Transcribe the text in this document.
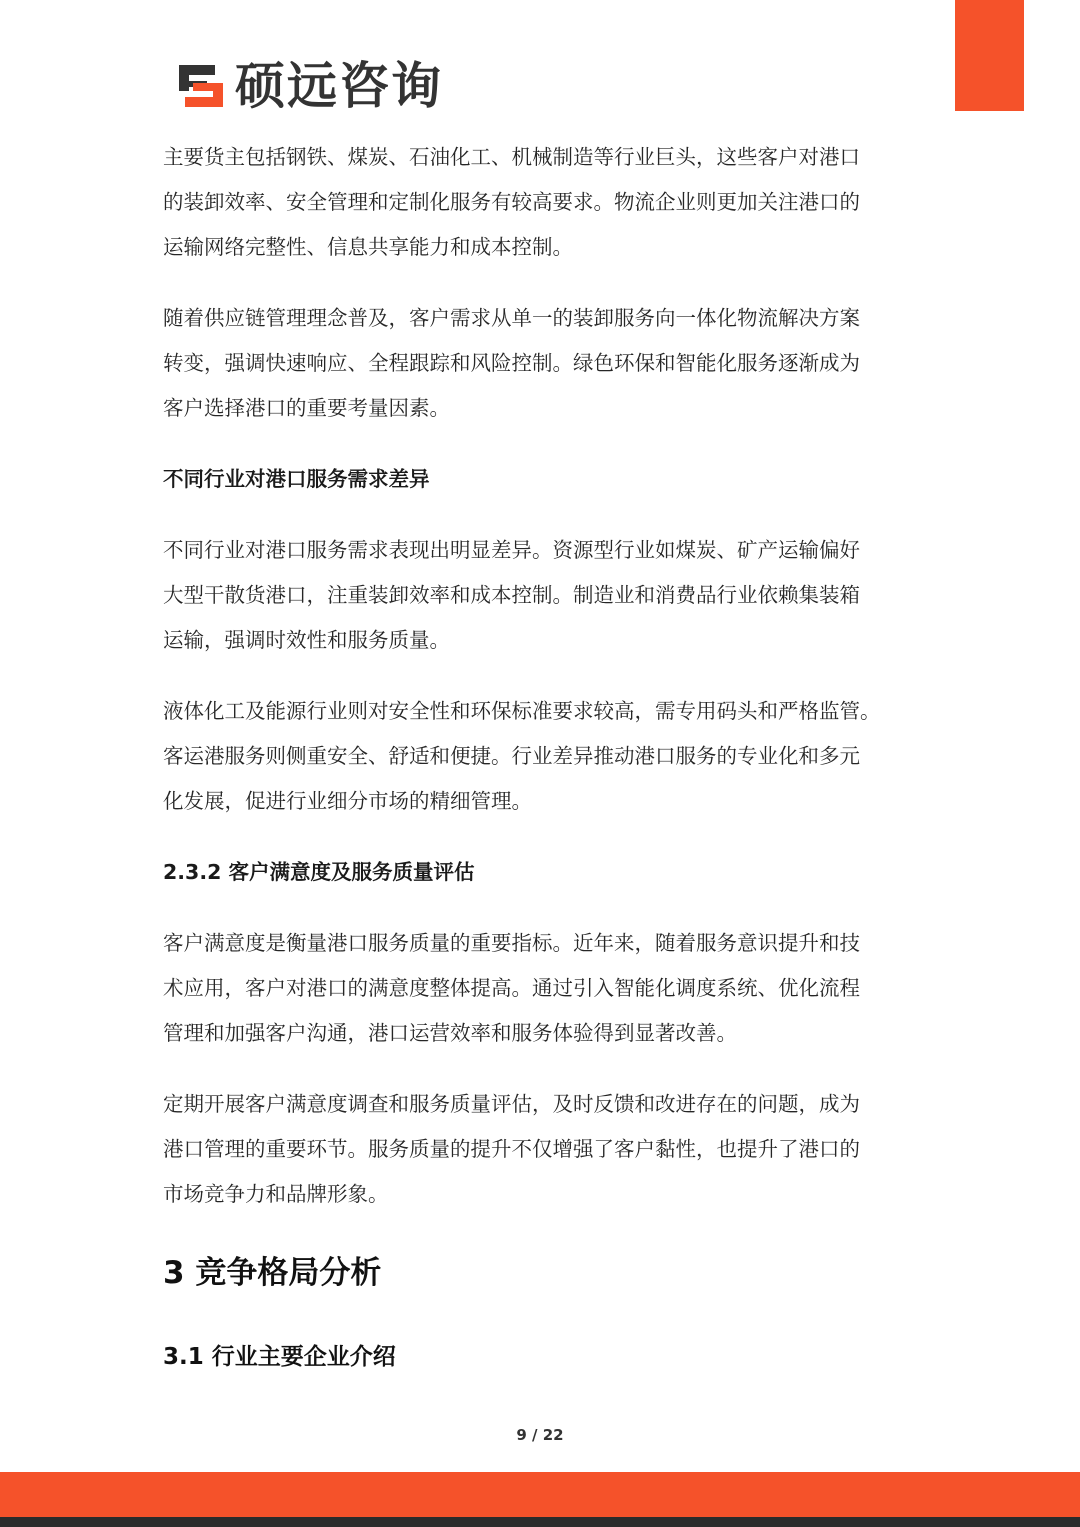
硕远咨询

主要货主包括钢铁、煤炭、石油化工、机械制造等行业巨头，这些客户对港口
的装卸效率、安全管理和定制化服务有较高要求。物流企业则更加关注港口的
运输网络完整性、信息共享能力和成本控制。

随着供应链管理理念普及，客户需求从单一的装卸服务向一体化物流解决方案
转变，强调快速响应、全程跟踪和风险控制。绿色环保和智能化服务逐渐成为
客户选择港口的重要考量因素。

不同行业对港口服务需求差异

不同行业对港口服务需求表现出明显差异。资源型行业如煤炭、矿产运输偏好
大型干散货港口，注重装卸效率和成本控制。制造业和消费品行业依赖集装箱
运输，强调时效性和服务质量。

液体化工及能源行业则对安全性和环保标准要求较高，需专用码头和严格监管。
客运港服务则侧重安全、舒适和便捷。行业差异推动港口服务的专业化和多元
化发展，促进行业细分市场的精细管理。

2.3.2 客户满意度及服务质量评估

客户满意度是衡量港口服务质量的重要指标。近年来，随着服务意识提升和技
术应用，客户对港口的满意度整体提高。通过引入智能化调度系统、优化流程
管理和加强客户沟通，港口运营效率和服务体验得到显著改善。

定期开展客户满意度调查和服务质量评估，及时反馈和改进存在的问题，成为
港口管理的重要环节。服务质量的提升不仅增强了客户黏性，也提升了港口的
市场竞争力和品牌形象。

3 竞争格局分析
3.1 行业主要企业介绍
9 / 22
